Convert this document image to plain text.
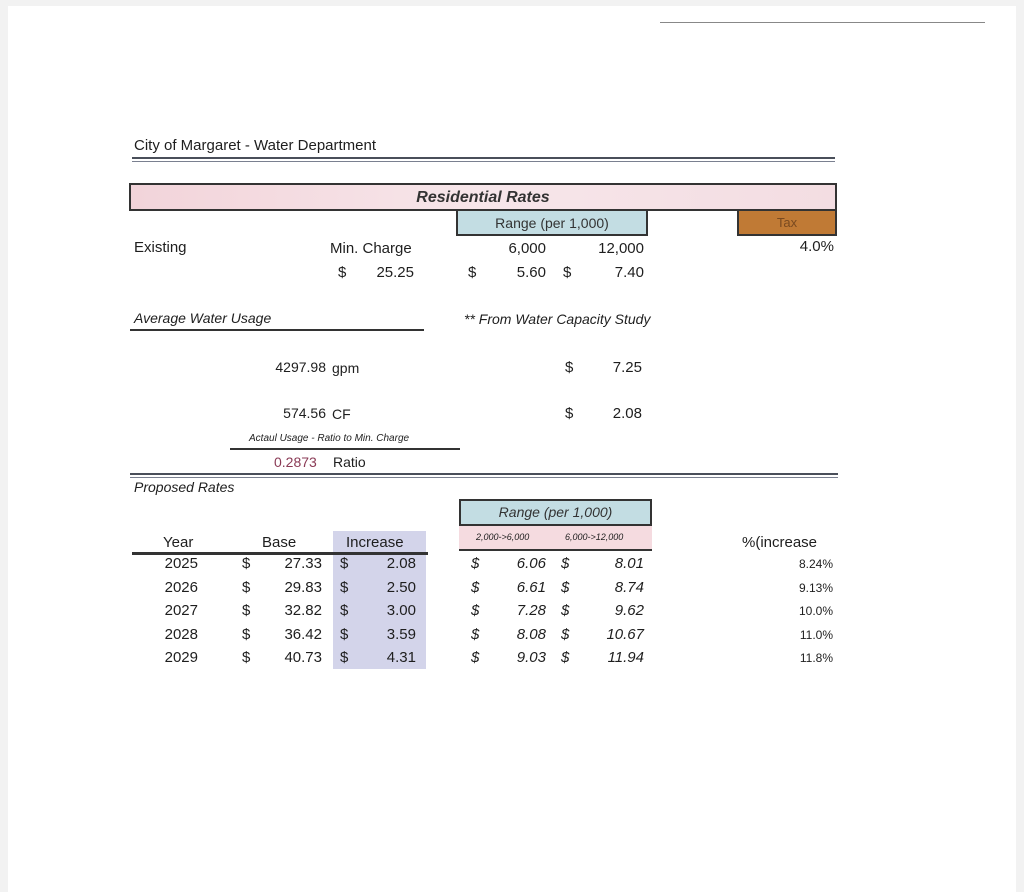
City of Margaret - Water Department
Residential Rates
Range (per 1,000)	Tax
Existing	Min. Charge	6,000	12,000	4.0%
$	25.25	$	5.60 $	7.40
Average Water Usage	** From Water Capacity Study
4297.98 gpm	$	7.25
574.56 CF	$	2.08
Actaul Usage - Ratio to Min. Charge
0.2873 Ratio
Proposed Rates
Range (per 1,000)
2,000->6,000	6,000->12,000
Year	Base	Increase	%(increase
2025	$	27.33 $	2.08	$	6.06 $	8.01	8.24%
2026	$	29.83 $	2.50	$	6.61 $	8.74	9.13%
2027	$	32.82 $	3.00	$	7.28 $	9.62	10.0%
2028	$	36.42 $	3.59	$	8.08 $	10.67	11.0%
2029	$	40.73 $	4.31	$	9.03 $	11.94	11.8%
